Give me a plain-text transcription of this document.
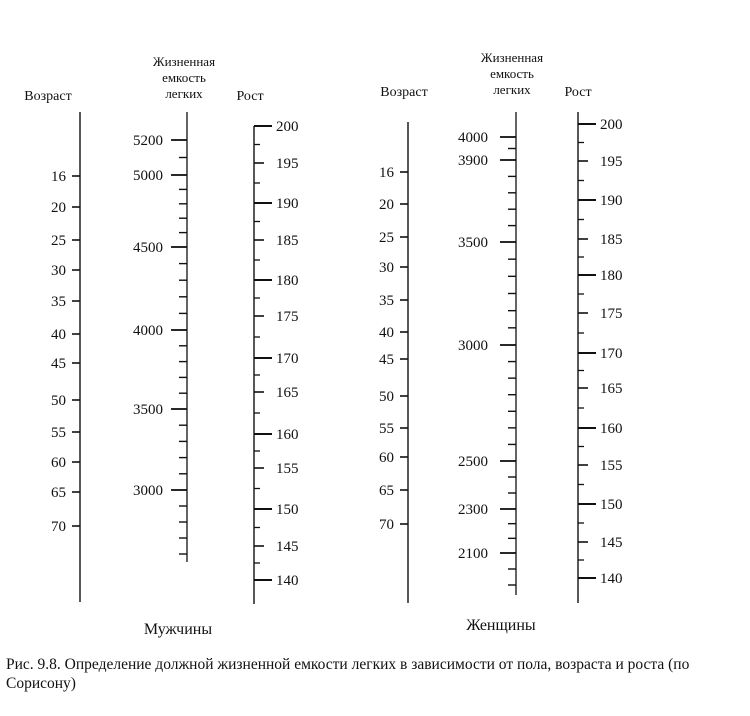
Возраст
16
20
25
30
35
40
45
50
55
60
65
70
Жизненная
емкость
легких
5200
5000
4500
4000
3500
3000
Рост
200
195
190
185
180
175
170
165
160
155
150
145
140
Мужчины
Возраст
16
20
25
30
35
40
45
50
55
60
65
70
Жизненная
емкость
легких
4000
3900
3500
3000
2500
2300
2100
Рост
200
195
190
185
180
175
170
165
160
155
150
145
140
Женщины
Рис. 9.8. Определение должной жизненной емкости легких в зависимости от пола, возраста и роста (по Сорисону)
